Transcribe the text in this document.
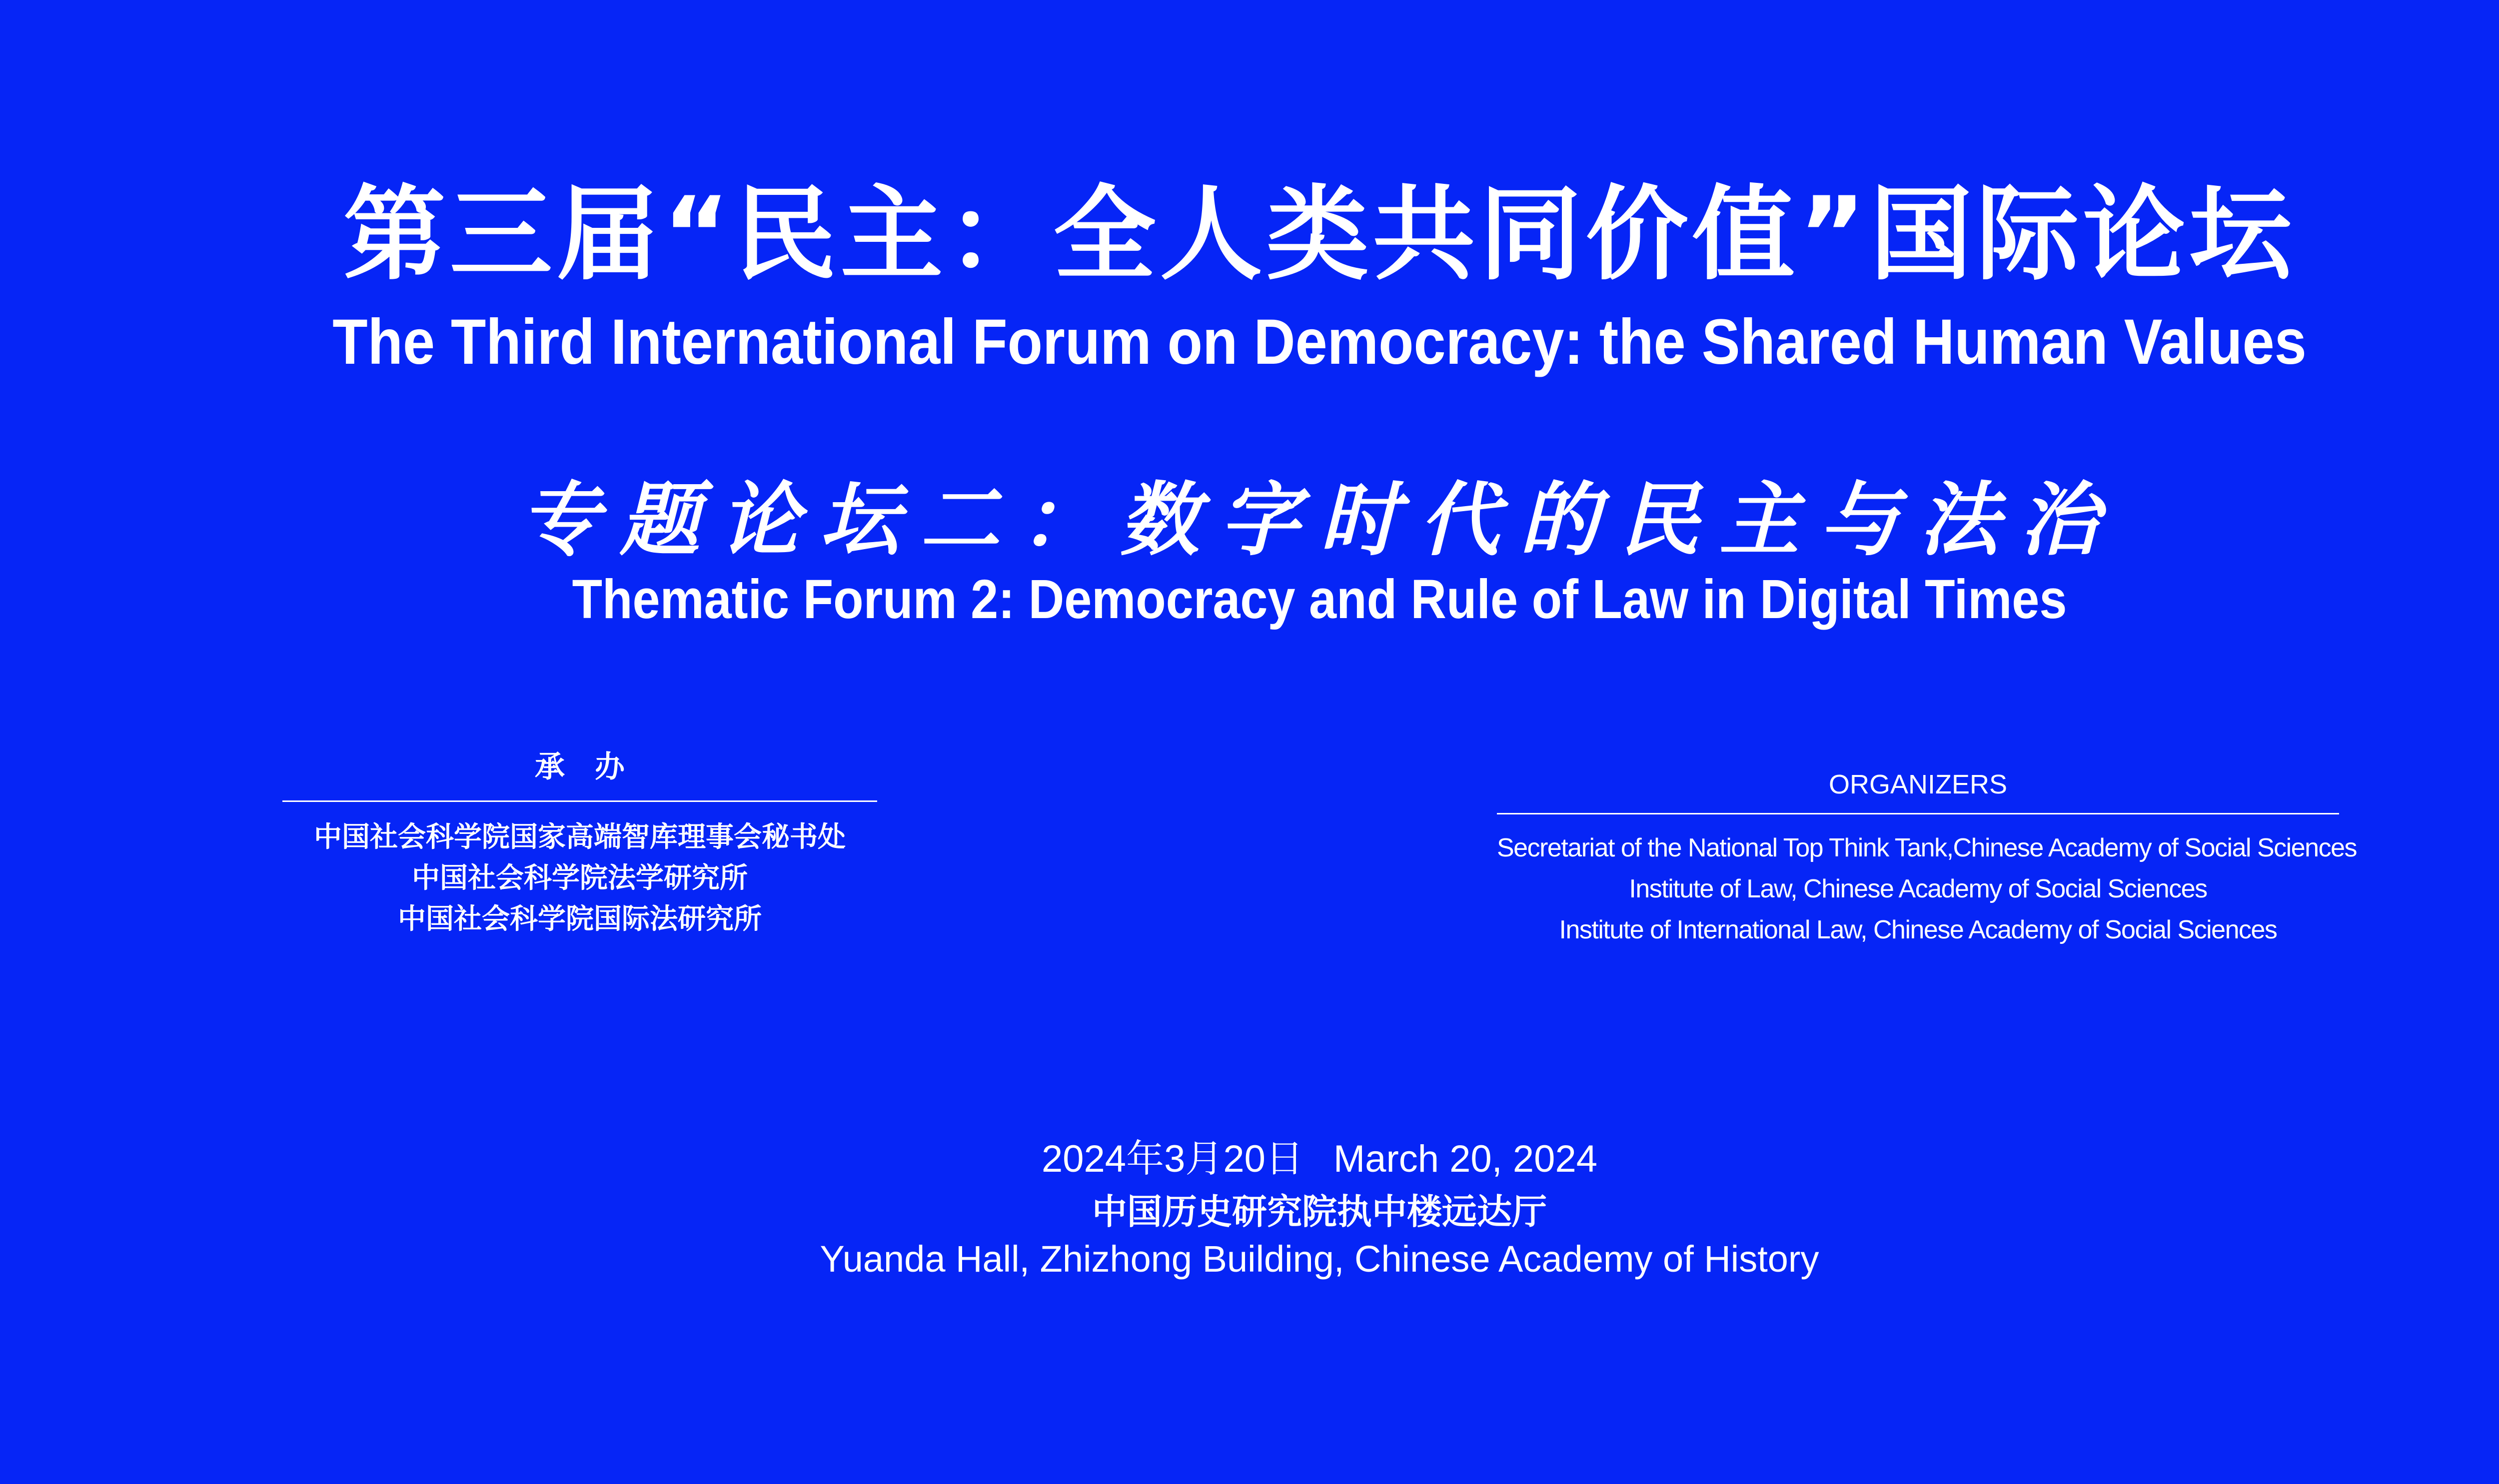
第三届“民主：全人类共同价值”国际论坛
The Third International Forum on Democracy: the Shared Human Values
专题论坛二：数字时代的民主与法治
Thematic Forum 2: Democracy and Rule of Law in Digital Times
承办
中国社会科学院国家高端智库理事会秘书处
中国社会科学院法学研究所
中国社会科学院国际法研究所
ORGANIZERS
Secretariat of the National Top Think Tank,Chinese Academy of Social Sciences
Institute of Law, Chinese Academy of Social Sciences
Institute of International Law, Chinese Academy of Social Sciences
2024年3月20日 March 20, 2024
中国历史研究院执中楼远达厅
Yuanda Hall, Zhizhong Building, Chinese Academy of History
